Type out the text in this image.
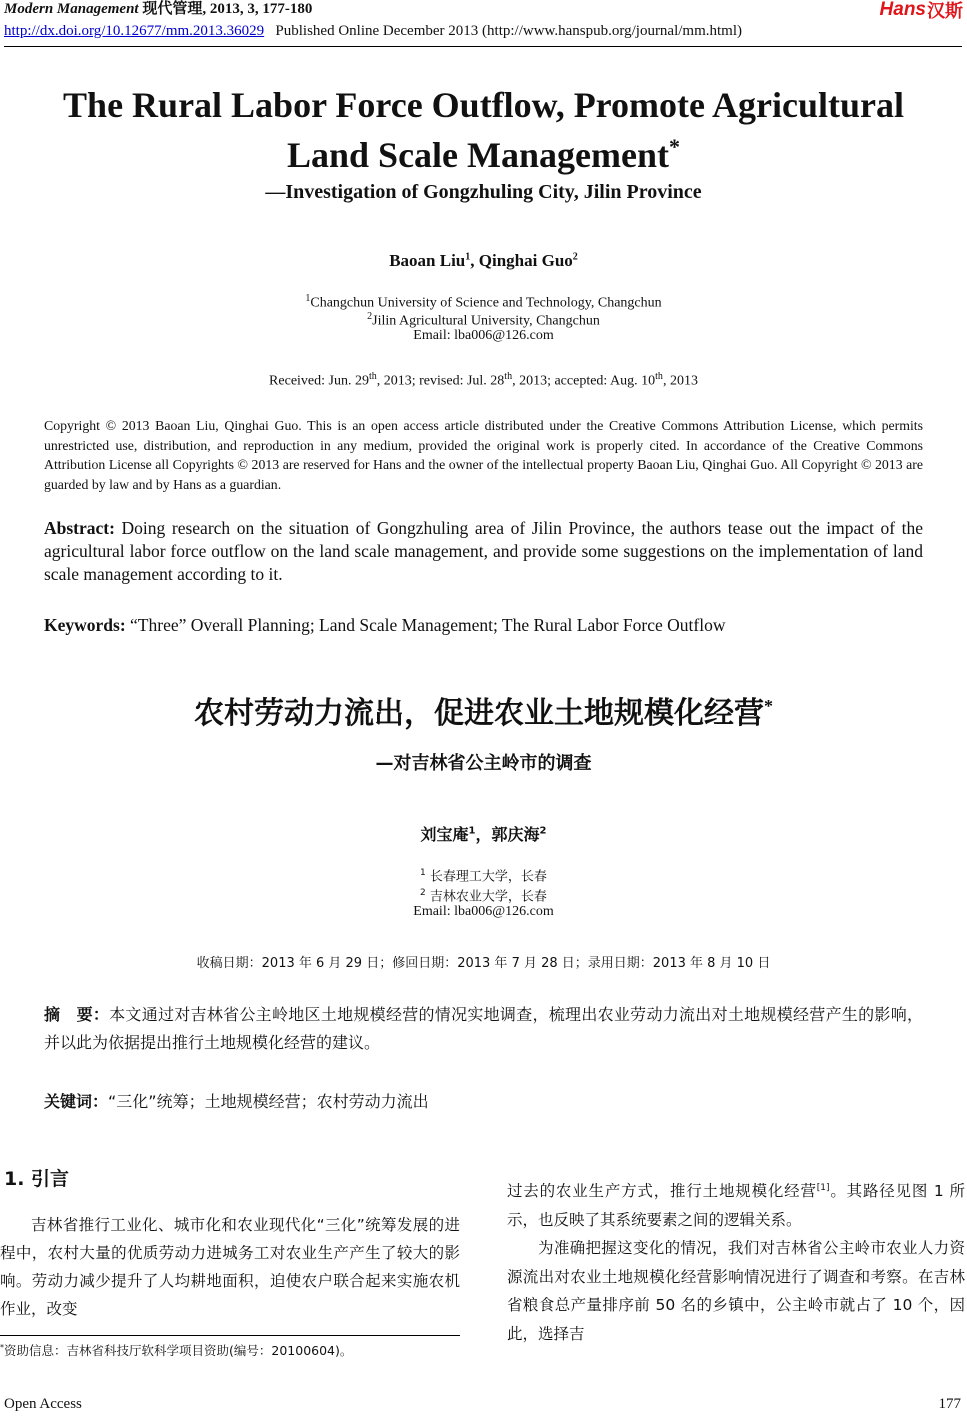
Modern Management 现代管理, 2013, 3, 177-180	Hans 汉斯
http://dx.doi.org/10.12677/mm.2013.36029 Published Online December 2013 (http://www.hanspub.org/journal/mm.html)
The Rural Labor Force Outflow, Promote Agricultural
Land Scale Management*
—Investigation of Gongzhuling City, Jilin Province
Baoan Liu$^1$, Qinghai Guo$^2$
$^1$Changchun University of Science and Technology, Changchun
$^2$Jilin Agricultural University, Changchun
Email: lba006@126.com
Received: Jun. 29th, 2013; revised: Jul. 28th, 2013; accepted: Aug. 10th, 2013
Copyright © 2013 Baoan Liu, Qinghai Guo. This is an open access article distributed under the Creative Commons Attribution License, which permits unrestricted use, distribution, and reproduction in any medium, provided the original work is properly cited. In accordance of the Creative Commons Attribution License all Copyrights © 2013 are reserved for Hans and the owner of the intellectual property Baoan Liu, Qinghai Guo. All Copyright © 2013 are guarded by law and by Hans as a guardian.
Abstract: Doing research on the situation of Gongzhuling area of Jilin Province, the authors tease out the impact of the agricultural labor force outflow on the land scale management, and provide some suggestions on the implementation of land scale management according to it.
Keywords: “Three” Overall Planning; Land Scale Management; The Rural Labor Force Outflow
农村劳动力流出，促进农业土地规模化经营*
—对吉林省公主岭市的调查
刘宝庵$^1$，郭庆海$^2$
$^1$ 长春理工大学，长春
$^2$ 吉林农业大学，长春
Email: lba006@126.com
收稿日期：2013 年 6 月 29 日；修回日期：2013 年 7 月 28 日；录用日期：2013 年 8 月 10 日
摘　要：本文通过对吉林省公主岭地区土地规模经营的情况实地调查，梳理出农业劳动力流出对土地规模经营产生的影响，并以此为依据提出推行土地规模化经营的建议。
关键词：“三化”统筹；土地规模经营；农村劳动力流出
1. 引言
吉林省推行工业化、城市化和农业现代化“三化”统筹发展的进程中，农村大量的优质劳动力进城务工对农业生产产生了较大的影响。劳动力减少提升了人均耕地面积，迫使农户联合起来实施农机作业，改变
*资助信息：吉林省科技厅软科学项目资助(编号：20100604)。

过去的农业生产方式，推行土地规模化经营[1]。其路径见图 1 所示，也反映了其系统要素之间的逻辑关系。

为准确把握这变化的情况，我们对吉林省公主岭市农业人力资源流出对农业土地规模化经营影响情况进行了调查和考察。在吉林省粮食总产量排序前 50 名的乡镇中，公主岭市就占了 10 个，因此，选择吉

Open Access	177
